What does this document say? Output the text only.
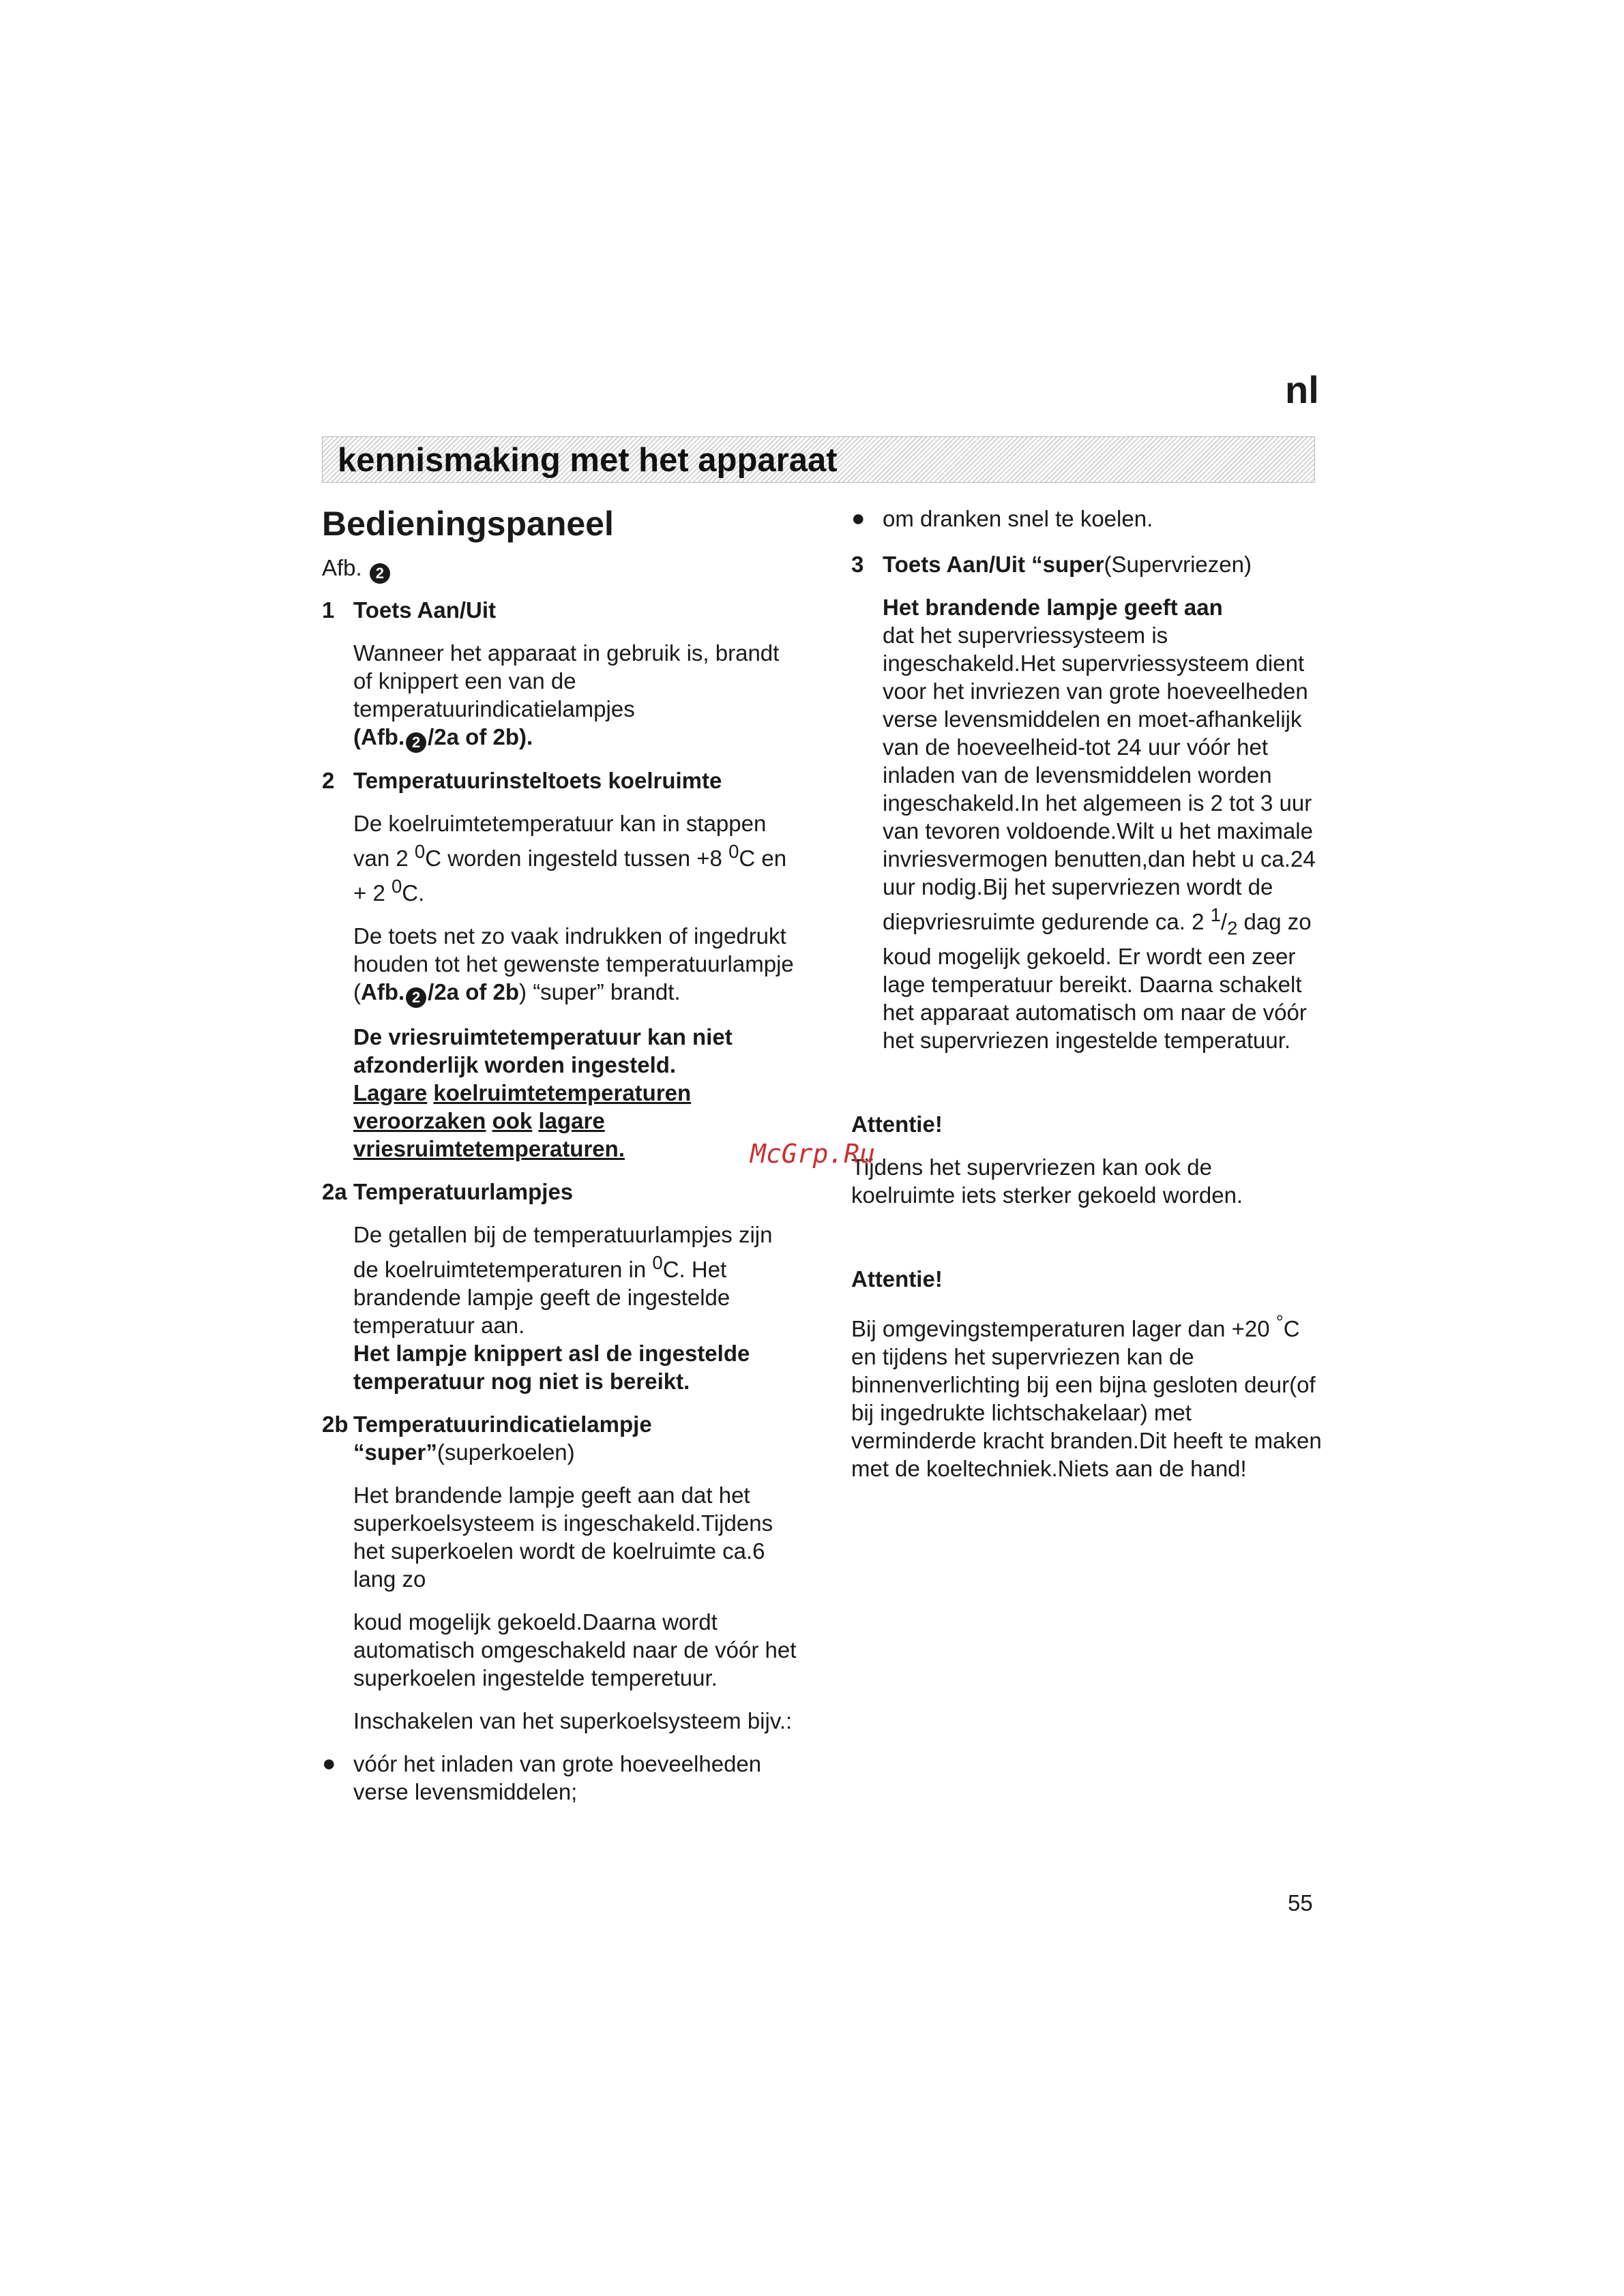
nl
kennismaking met het apparaat
Bedieningspaneel

Afb. 2

1 Toets Aan/Uit

Wanneer het apparaat in gebruik is, brandt of knippert een van de temperatuurindicatielampjes
(Afb. 2 /2a of 2b).

2 Temperatuurinsteltoets koelruimte

De koelruimtetemperatuur kan in stappen van 2 $^0$C worden ingesteld tussen +8 $^0$C en + 2 $^0$C.

De toets net zo vaak indrukken of ingedrukt houden tot het gewenste temperatuurlampje (Afb. 2 /2a of 2b) “super” brandt.

De vriesruimtetemperatuur kan niet afzonderlijk worden ingesteld.
Lagare koelruimtetemperaturen
veroorzaken ook lagare
vriesruimtetemperaturen.

2a Temperatuurlampjes

De getallen bij de temperatuurlampjes zijn de koelruimtetemperaturen in $^0$C. Het brandende lampje geeft de ingestelde temperatuur aan.

Het lampje knippert asl de ingestelde temperatuur nog niet is bereikt.

2b Temperatuurindicatielampje
“super”(superkoelen)

Het brandende lampje geeft aan dat het superkoelsysteem is ingeschakeld.Tijdens het superkoelen wordt de koelruimte ca.6 lang zo

koud mogelijk gekoeld.Daarna wordt automatisch omgeschakeld naar de vóór het superkoelen ingestelde temperetuur.

Inschakelen van het superkoelsysteem bijv.:

● vóór het inladen van grote hoeveelheden verse levensmiddelen;
● om dranken snel te koelen.
3 Toets Aan/Uit “super(Supervriezen)

Het brandende lampje geeft aan

dat het supervriessysteem is ingeschakeld.Het supervriessysteem dient voor het invriezen van grote hoeveelheden verse levensmiddelen en moet-afhankelijk van de hoeveelheid-tot 24 uur vóór het inladen van de levensmiddelen worden ingeschakeld.In het algemeen is 2 tot 3 uur van tevoren voldoende.Wilt u het maximale invriesvermogen benutten,dan hebt u ca.24 uur nodig.Bij het supervriezen wordt de diepvriesruimte gedurende ca. 2 $^1/_2$ dag zo koud mogelijk gekoeld. Er wordt een zeer lage temperatuur bereikt. Daarna schakelt het apparaat automatisch om naar de vóór het supervriezen ingestelde temperatuur.

Attentie!

Tijdens het supervriezen kan ook de koelruimte iets sterker gekoeld worden.

Attentie!

Bij omgevingstemperaturen lager dan +20 °C en tijdens het supervriezen kan de binnenverlichting bij een bijna gesloten deur(of bij ingedrukte lichtschakelaar) met verminderde kracht branden.Dit heeft te maken met de koeltechniek.Niets aan de hand!

McGrp.Ru
55
